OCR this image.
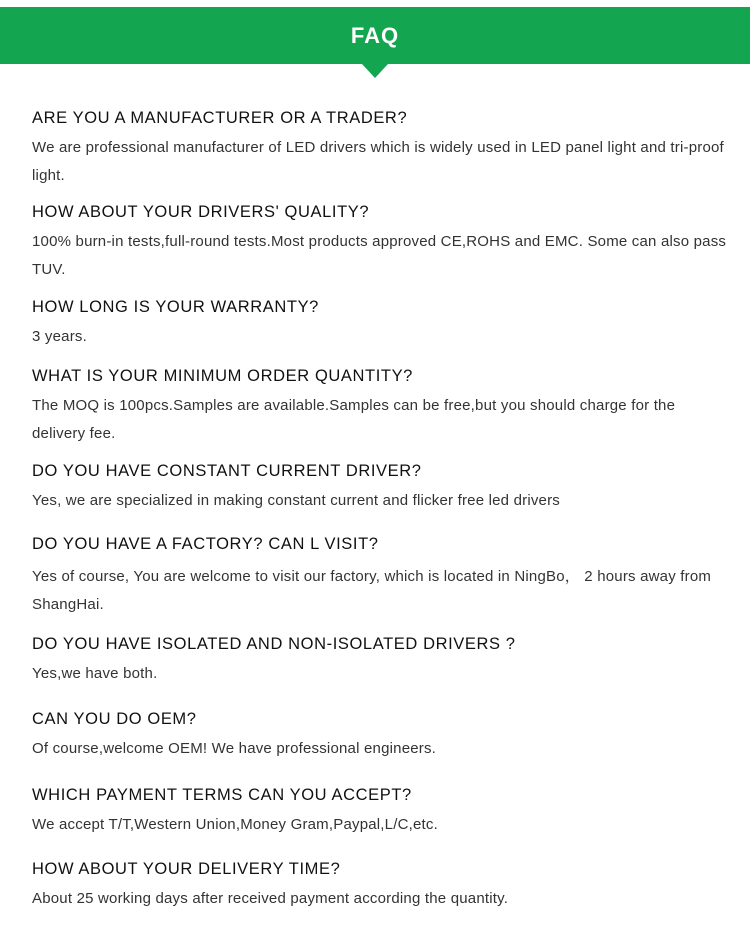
FAQ
ARE YOU A MANUFACTURER OR A TRADER?
We are professional manufacturer of LED drivers which is widely used in LED panel light and tri-proof light.
HOW ABOUT YOUR DRIVERS' QUALITY?
100% burn-in tests,full-round tests.Most products approved CE,ROHS and EMC. Some can also pass TUV.
HOW LONG IS YOUR WARRANTY?
3 years.
WHAT IS YOUR MINIMUM ORDER QUANTITY?
The MOQ is 100pcs.Samples are available.Samples can be free,but you should charge for the delivery fee.
DO YOU HAVE CONSTANT CURRENT DRIVER?
Yes, we are specialized in making constant current and flicker free led drivers
DO YOU HAVE A FACTORY? CAN L VISIT?
Yes of course, You are welcome to visit our factory, which is located in NingBo， 2 hours away from ShangHai.
DO YOU HAVE ISOLATED AND NON-ISOLATED DRIVERS ?
Yes,we have both.
CAN YOU DO OEM?
Of course,welcome OEM! We have professional engineers.
WHICH PAYMENT TERMS CAN YOU ACCEPT?
We accept T/T,Western Union,Money Gram,Paypal,L/C,etc.
HOW ABOUT YOUR DELIVERY TIME?
About 25 working days after received payment according the quantity.
